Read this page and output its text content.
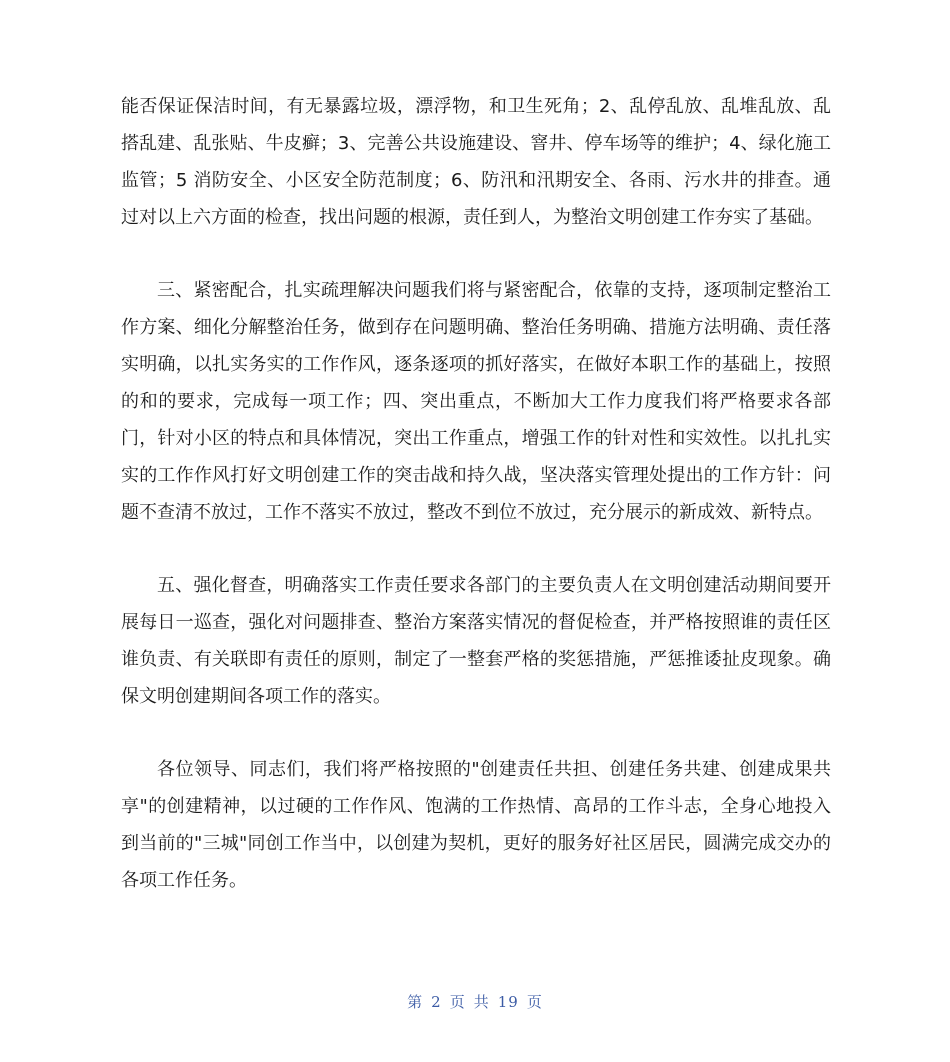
能否保证保洁时间，有无暴露垃圾，漂浮物，和卫生死角；2、乱停乱放、乱堆乱放、乱搭乱建、乱张贴、牛皮癣；3、完善公共设施建设、窨井、停车场等的维护；4、绿化施工监管；5 消防安全、小区安全防范制度；6、防汛和汛期安全、各雨、污水井的排查。通过对以上六方面的检查，找出问题的根源，责任到人，为整治文明创建工作夯实了基础。

三、紧密配合，扎实疏理解决问题我们将与紧密配合，依靠的支持，逐项制定整治工作方案、细化分解整治任务，做到存在问题明确、整治任务明确、措施方法明确、责任落实明确，以扎实务实的工作作风，逐条逐项的抓好落实，在做好本职工作的基础上，按照的和的要求，完成每一项工作；四、突出重点，不断加大工作力度我们将严格要求各部门，针对小区的特点和具体情况，突出工作重点，增强工作的针对性和实效性。以扎扎实实的工作作风打好文明创建工作的突击战和持久战，坚决落实管理处提出的工作方针：问题不查清不放过，工作不落实不放过，整改不到位不放过，充分展示的新成效、新特点。

五、强化督查，明确落实工作责任要求各部门的主要负责人在文明创建活动期间要开展每日一巡查，强化对问题排查、整治方案落实情况的督促检查，并严格按照谁的责任区谁负责、有关联即有责任的原则，制定了一整套严格的奖惩措施，严惩推诿扯皮现象。确保文明创建期间各项工作的落实。

各位领导、同志们，我们将严格按照的"创建责任共担、创建任务共建、创建成果共享"的创建精神，以过硬的工作作风、饱满的工作热情、高昂的工作斗志，全身心地投入到当前的"三城"同创工作当中，以创建为契机，更好的服务好社区居民，圆满完成交办的各项工作任务。

第 2 页 共 19 页
